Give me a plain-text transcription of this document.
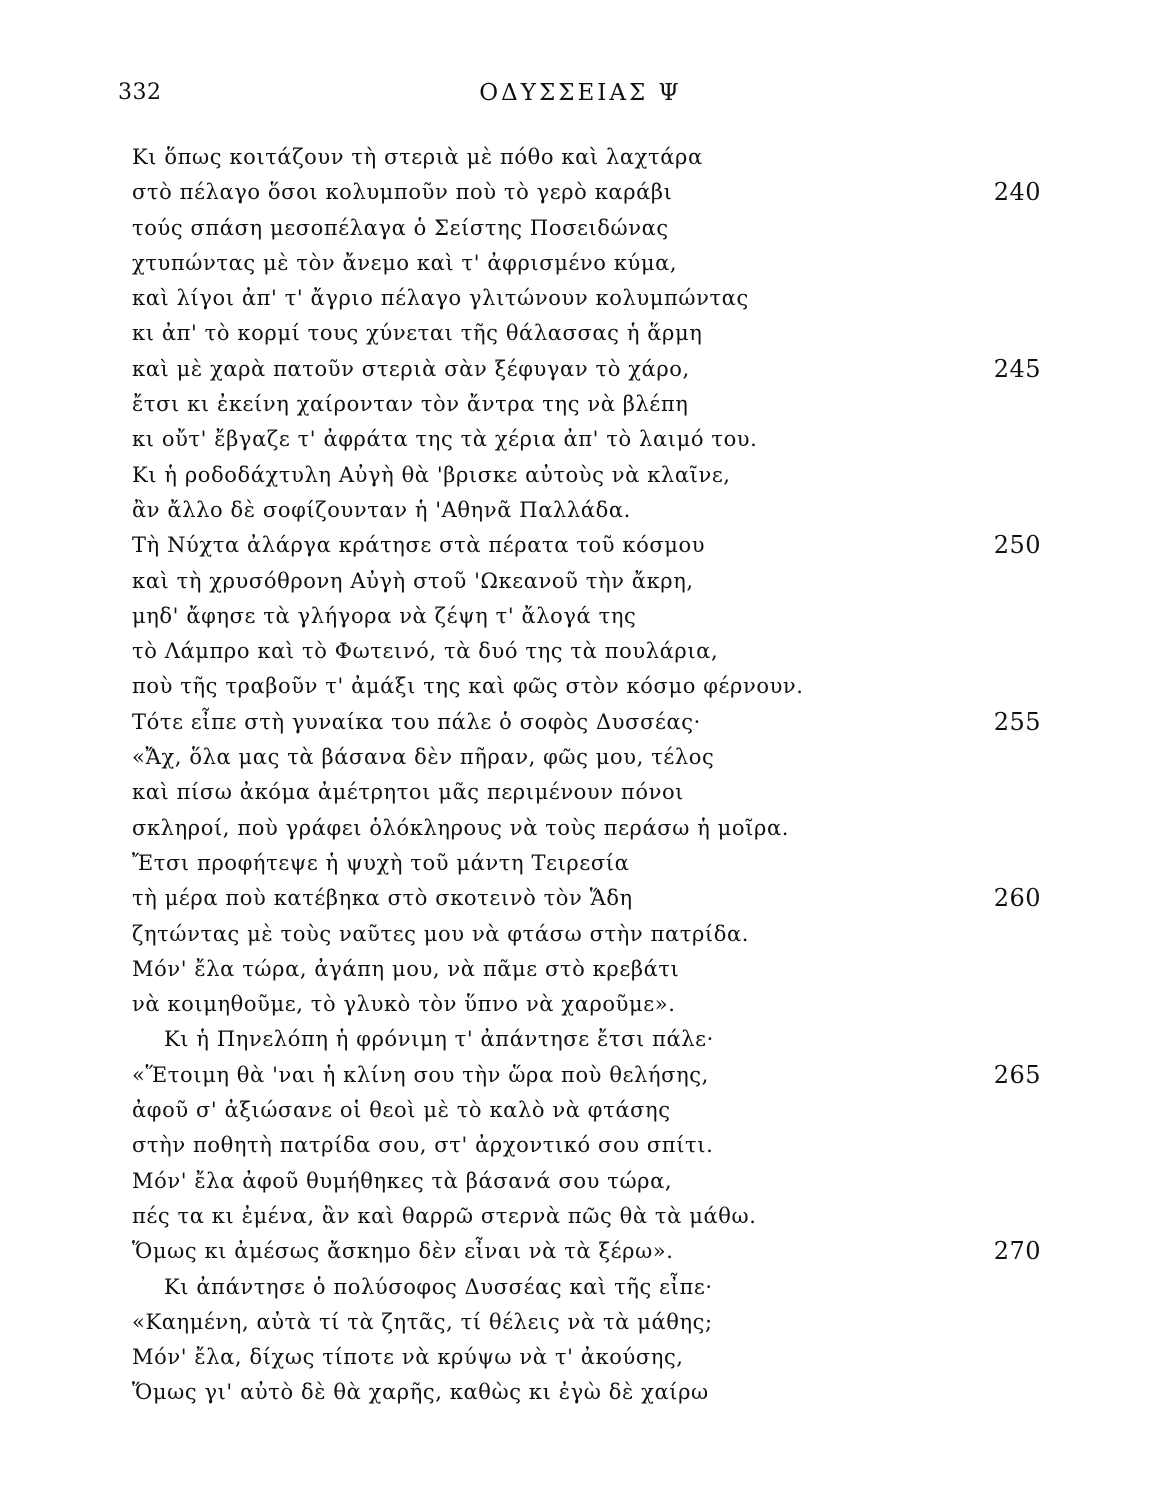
332	ΟΔΥΣΣΕΙΑΣ Ψ
Κι ὅπως κοιτάζουν τὴ στεριὰ μὲ πόθο καὶ λαχτάρα
στὸ πέλαγο ὅσοι κολυμποῦν ποὺ τὸ γερὸ καράβι	240
τούς σπάση μεσοπέλαγα ὁ Σείστης Ποσειδώνας
χτυπώντας μὲ τὸν ἄνεμο καὶ τ' ἀφρισμένο κύμα,
καὶ λίγοι ἀπ' τ' ἄγριο πέλαγο γλιτώνουν κολυμπώντας
κι ἀπ' τὸ κορμί τους χύνεται τῆς θάλασσας ἡ ἅρμη
καὶ μὲ χαρὰ πατοῦν στεριὰ σὰν ξέφυγαν τὸ χάρο,	245
ἔτσι κι ἐκείνη χαίρονταν τὸν ἄντρα της νὰ βλέπη
κι οὔτ' ἔβγαζε τ' ἀφράτα της τὰ χέρια ἀπ' τὸ λαιμό του.
Κι ἡ ροδοδάχτυλη Αὐγὴ θὰ 'βρισκε αὐτοὺς νὰ κλαῖνε,
ἂν ἄλλο δὲ σοφίζουνταν ἡ 'Αθηνᾶ Παλλάδα.
Τὴ Νύχτα ἀλάργα κράτησε στὰ πέρατα τοῦ κόσμου	250
καὶ τὴ χρυσόθρονη Αὐγὴ στοῦ 'Ωκεανοῦ τὴν ἄκρη,
μηδ' ἄφησε τὰ γλήγορα νὰ ζέψη τ' ἄλογά της
τὸ Λάμπρο καὶ τὸ Φωτεινό, τὰ δυό της τὰ πουλάρια,
ποὺ τῆς τραβοῦν τ' ἀμάξι της καὶ φῶς στὸν κόσμο φέρνουν.
Τότε εἶπε στὴ γυναίκα του πάλε ὁ σοφὸς Δυσσέας·	255
«Ἄχ, ὅλα μας τὰ βάσανα δὲν πῆραν, φῶς μου, τέλος
καὶ πίσω ἀκόμα ἀμέτρητοι μᾶς περιμένουν πόνοι
σκληροί, ποὺ γράφει ὁλόκληρους νὰ τοὺς περάσω ἡ μοῖρα.
Ἔτσι προφήτεψε ἡ ψυχὴ τοῦ μάντη Τειρεσία
τὴ μέρα ποὺ κατέβηκα στὸ σκοτεινὸ τὸν Ἅδη	260
ζητώντας μὲ τοὺς ναῦτες μου νὰ φτάσω στὴν πατρίδα.
Μόν' ἔλα τώρα, ἀγάπη μου, νὰ πᾶμε στὸ κρεβάτι
νὰ κοιμηθοῦμε, τὸ γλυκὸ τὸν ὕπνο νὰ χαροῦμε».
Κι ἡ Πηνελόπη ἡ φρόνιμη τ' ἀπάντησε ἔτσι πάλε·
«Ἕτοιμη θὰ 'ναι ἡ κλίνη σου τὴν ὥρα ποὺ θελήσης,	265
ἀφοῦ σ' ἀξιώσανε οἱ θεοὶ μὲ τὸ καλὸ νὰ φτάσης
στὴν ποθητὴ πατρίδα σου, στ' ἀρχοντικό σου σπίτι.
Μόν' ἔλα ἀφοῦ θυμήθηκες τὰ βάσανά σου τώρα,
πές τα κι ἐμένα, ἂν καὶ θαρρῶ στερνὰ πῶς θὰ τὰ μάθω.
Ὅμως κι ἀμέσως ἄσκημο δὲν εἶναι νὰ τὰ ξέρω».	270
Κι ἀπάντησε ὁ πολύσοφος Δυσσέας καὶ τῆς εἶπε·
«Καημένη, αὐτὰ τί τὰ ζητᾶς, τί θέλεις νὰ τὰ μάθης;
Μόν' ἔλα, δίχως τίποτε νὰ κρύψω νὰ τ' ἀκούσης,
Ὅμως γι' αὐτὸ δὲ θὰ χαρῆς, καθὼς κι ἐγὼ δὲ χαίρω
